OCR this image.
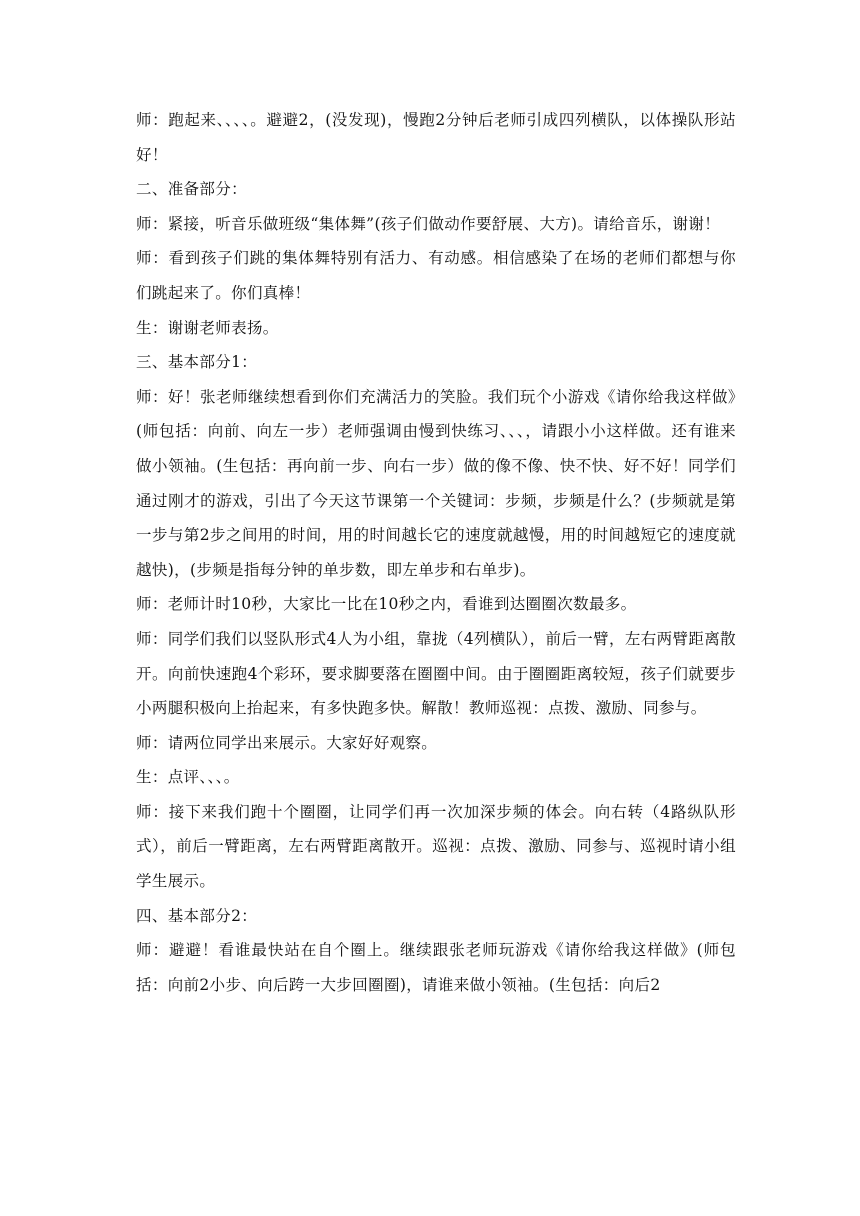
师：跑起来、、、、。避避2，(没发现)，慢跑2分钟后老师引成四列横队，以体操队形站好！

二、准备部分：

师：紧接，听音乐做班级“集体舞”(孩子们做动作要舒展、大方)。请给音乐，谢谢！

师：看到孩子们跳的集体舞特别有活力、有动感。相信感染了在场的老师们都想与你们跳起来了。你们真棒！

生：谢谢老师表扬。

三、基本部分1：

师：好！张老师继续想看到你们充满活力的笑脸。我们玩个小游戏《请你给我这样做》(师包括：向前、向左一步）老师强调由慢到快练习、、、，请跟小小这样做。还有谁来做小领袖。(生包括：再向前一步、向右一步）做的像不像、快不快、好不好！同学们通过刚才的游戏，引出了今天这节课第一个关键词：步频，步频是什么？(步频就是第一步与第2步之间用的时间，用的时间越长它的速度就越慢，用的时间越短它的速度就越快)，(步频是指每分钟的单步数，即左单步和右单步)。

师：老师计时10秒，大家比一比在10秒之内，看谁到达圈圈次数最多。

师：同学们我们以竖队形式4人为小组，靠拢（4列横队），前后一臂，左右两臂距离散开。向前快速跑4个彩环，要求脚要落在圈圈中间。由于圈圈距离较短，孩子们就要步小两腿积极向上抬起来，有多快跑多快。解散！教师巡视：点拨、激励、同参与。

师：请两位同学出来展示。大家好好观察。

生：点评、、、。

师：接下来我们跑十个圈圈，让同学们再一次加深步频的体会。向右转（4路纵队形式），前后一臂距离，左右两臂距离散开。巡视：点拨、激励、同参与、巡视时请小组学生展示。

四、基本部分2：

师：避避！看谁最快站在自个圈上。继续跟张老师玩游戏《请你给我这样做》(师包括：向前2小步、向后跨一大步回圈圈)，请谁来做小领袖。(生包括：向后2
